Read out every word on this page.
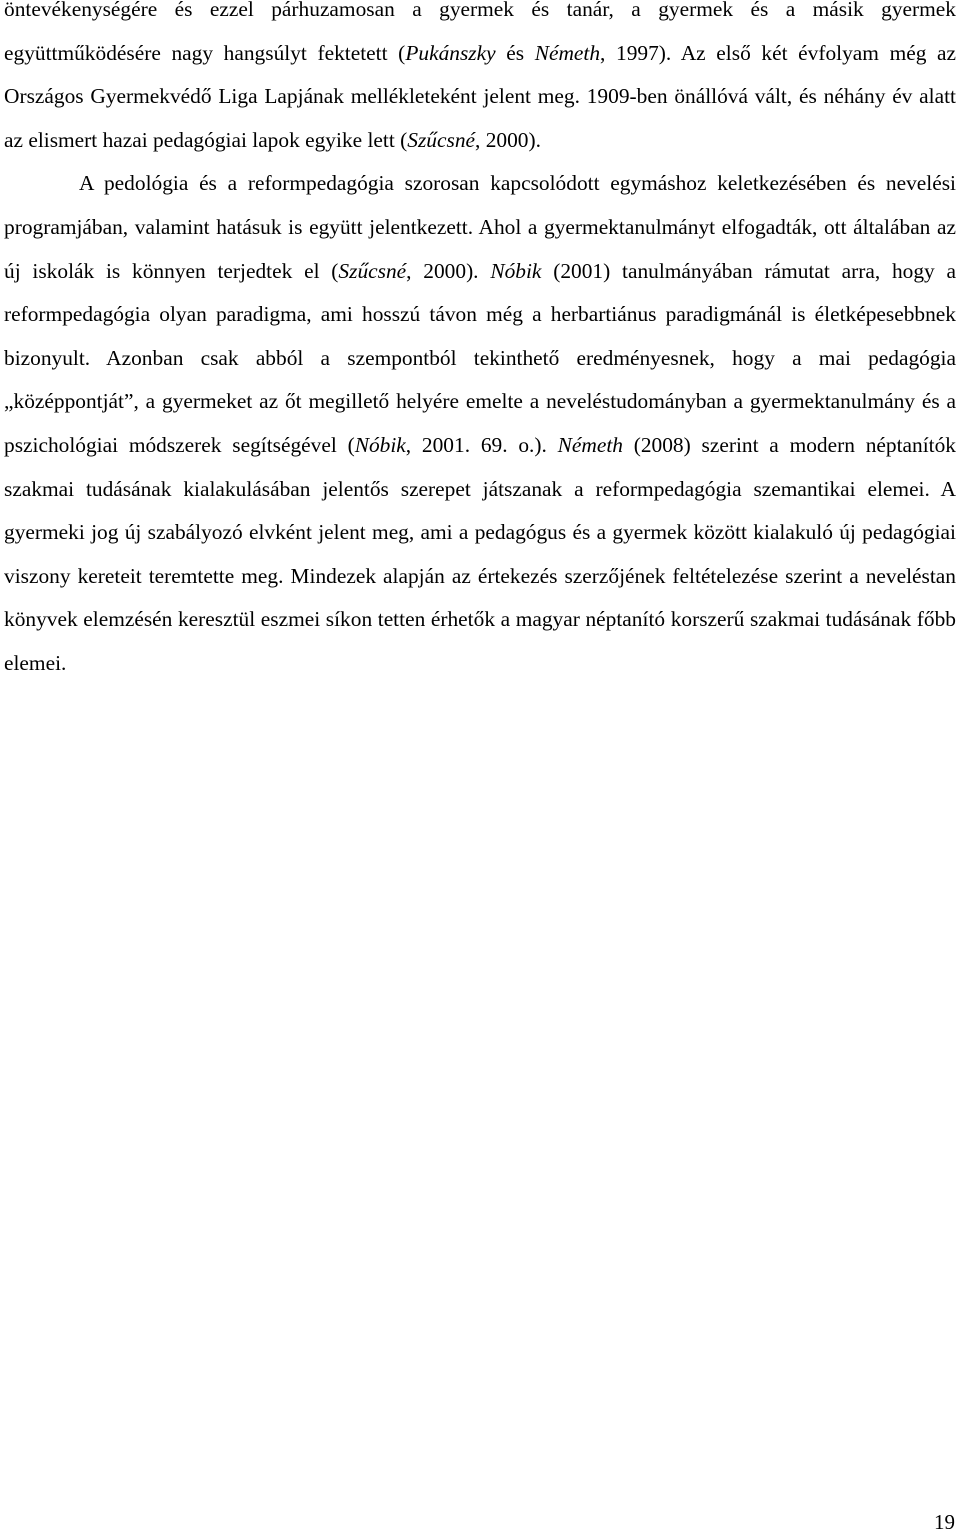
öntevékenységére és ezzel párhuzamosan a gyermek és tanár, a gyermek és a másik gyermek együttműködésére nagy hangsúlyt fektetett (Pukánszky és Németh, 1997). Az első két évfolyam még az Országos Gyermekvédő Liga Lapjának mellékleteként jelent meg. 1909-ben önállóvá vált, és néhány év alatt az elismert hazai pedagógiai lapok egyike lett (Szűcsné, 2000).

A pedológia és a reformpedagógia szorosan kapcsolódott egymáshoz keletkezésében és nevelési programjában, valamint hatásuk is együtt jelentkezett. Ahol a gyermektanulmányt elfogadták, ott általában az új iskolák is könnyen terjedtek el (Szűcsné, 2000). Nóbik (2001) tanulmányában rámutat arra, hogy a reformpedagógia olyan paradigma, ami hosszú távon még a herbartiánus paradigmánál is életképesebbnek bizonyult. Azonban csak abból a szempontból tekinthető eredményesnek, hogy a mai pedagógia „középpontját”, a gyermeket az őt megillető helyére emelte a neveléstudományban a gyermektanulmány és a pszichológiai módszerek segítségével (Nóbik, 2001. 69. o.). Németh (2008) szerint a modern néptanítók szakmai tudásának kialakulásában jelentős szerepet játszanak a reformpedagógia szemantikai elemei. A gyermeki jog új szabályozó elvként jelent meg, ami a pedagógus és a gyermek között kialakuló új pedagógiai viszony kereteit teremtette meg. Mindezek alapján az értekezés szerzőjének feltételezése szerint a neveléstan könyvek elemzésén keresztül eszmei síkon tetten érhetők a magyar néptanító korszerű szakmai tudásának főbb elemei.

19
